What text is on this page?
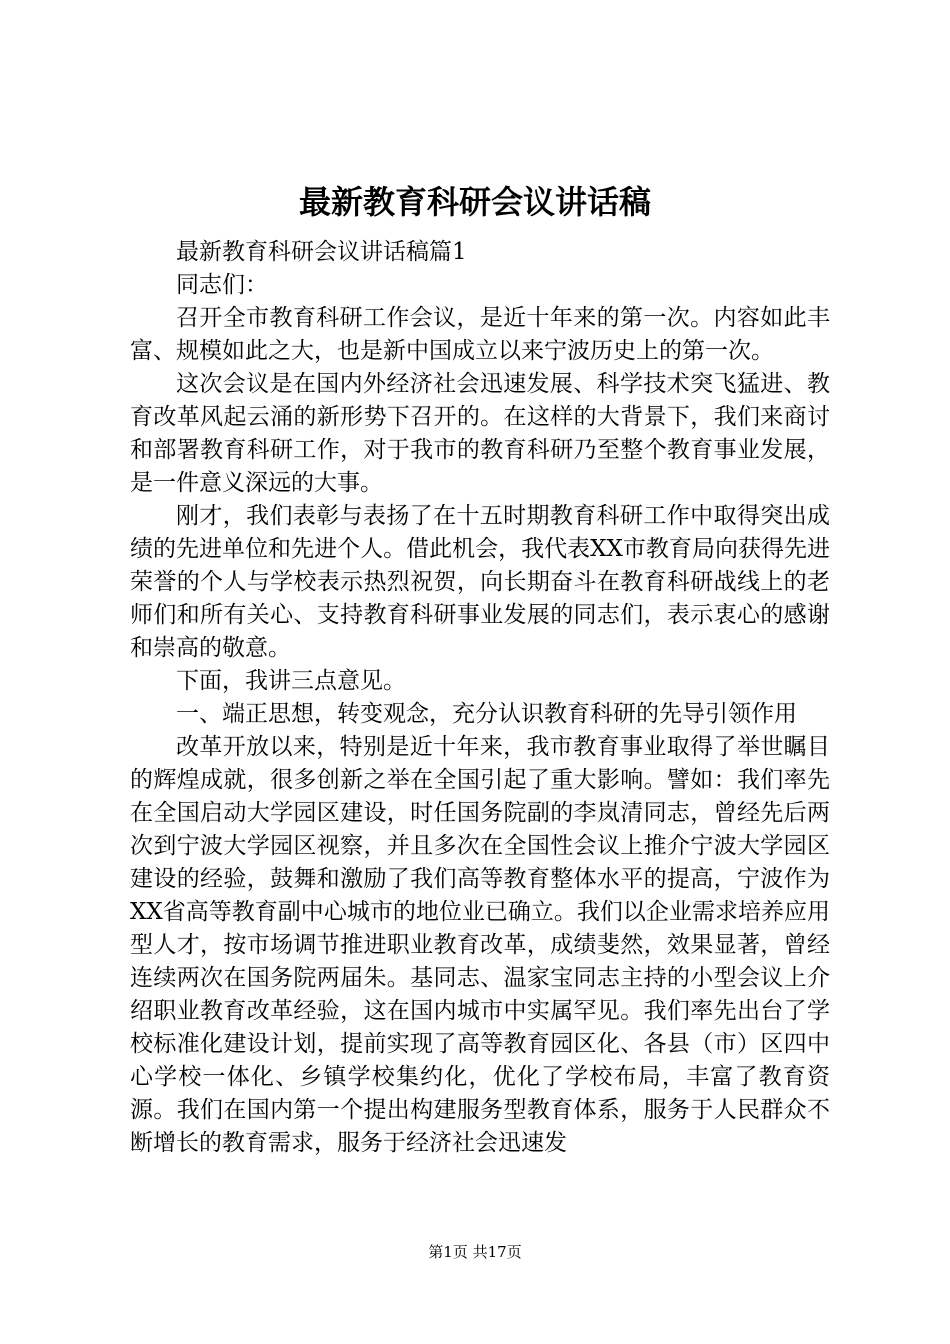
最新教育科研会议讲话稿

最新教育科研会议讲话稿篇1

同志们：

召开全市教育科研工作会议，是近十年来的第一次。内容如此丰富、规模如此之大，也是新中国成立以来宁波历史上的第一次。

这次会议是在国内外经济社会迅速发展、科学技术突飞猛进、教育改革风起云涌的新形势下召开的。在这样的大背景下，我们来商讨和部署教育科研工作，对于我市的教育科研乃至整个教育事业发展，是一件意义深远的大事。

刚才，我们表彰与表扬了在十五时期教育科研工作中取得突出成绩的先进单位和先进个人。借此机会，我代表XX市教育局向获得先进荣誉的个人与学校表示热烈祝贺，向长期奋斗在教育科研战线上的老师们和所有关心、支持教育科研事业发展的同志们，表示衷心的感谢和崇高的敬意。

下面，我讲三点意见。

一、端正思想，转变观念，充分认识教育科研的先导引领作用

改革开放以来，特别是近十年来，我市教育事业取得了举世瞩目的辉煌成就，很多创新之举在全国引起了重大影响。譬如：我们率先在全国启动大学园区建设，时任国务院副的李岚清同志，曾经先后两次到宁波大学园区视察，并且多次在全国性会议上推介宁波大学园区建设的经验，鼓舞和激励了我们高等教育整体水平的提高，宁波作为XX省高等教育副中心城市的地位业已确立。我们以企业需求培养应用型人才，按市场调节推进职业教育改革，成绩斐然，效果显著，曾经连续两次在国务院两届朱。基同志、温家宝同志主持的小型会议上介绍职业教育改革经验，这在国内城市中实属罕见。我们率先出台了学校标准化建设计划，提前实现了高等教育园区化、各县（市）区四中心学校一体化、乡镇学校集约化，优化了学校布局，丰富了教育资源。我们在国内第一个提出构建服务型教育体系，服务于人民群众不断增长的教育需求，服务于经济社会迅速发

第1页 共17页
